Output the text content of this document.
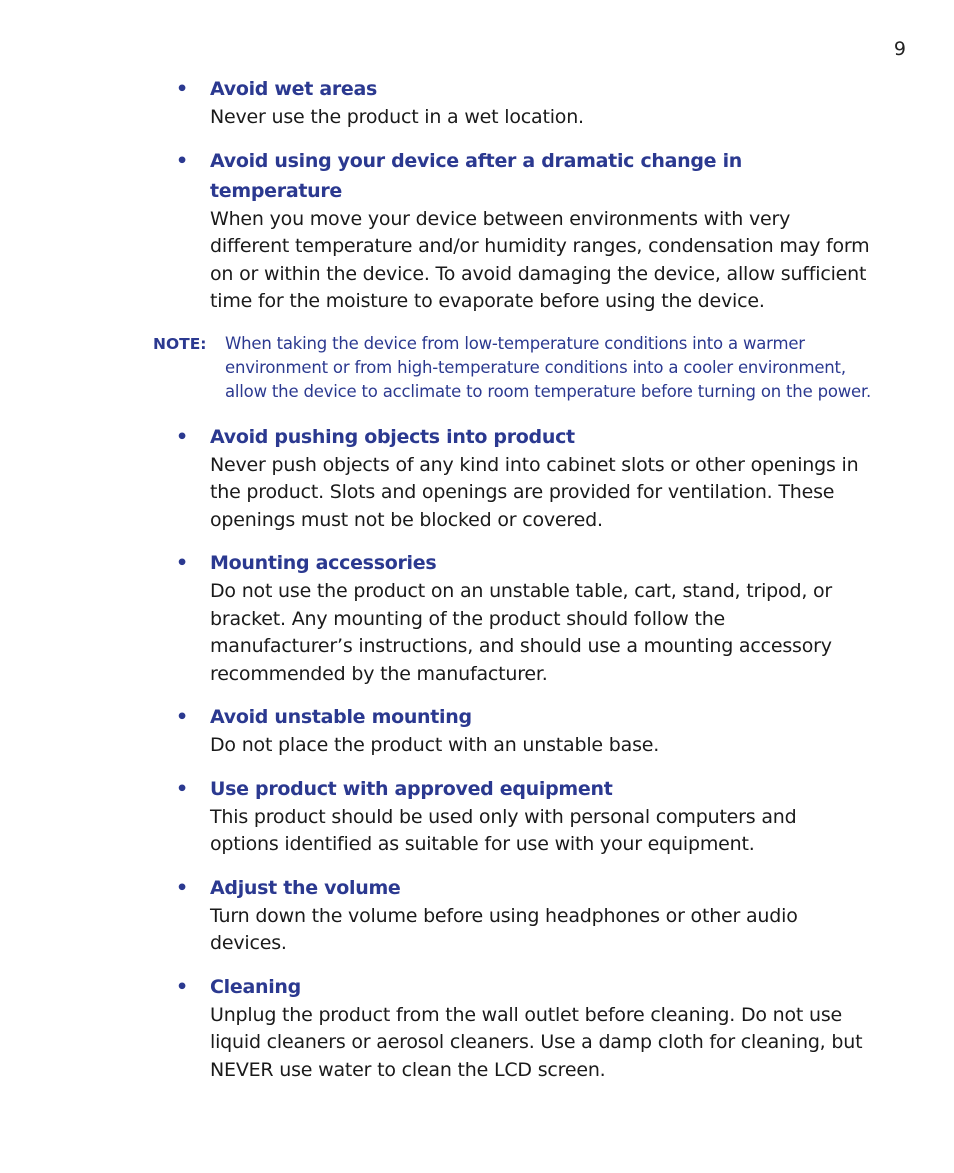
9
• Avoid wet areas
Never use the product in a wet location.
• Avoid using your device after a dramatic change in temperature
When you move your device between environments with very different temperature and/or humidity ranges, condensation may form on or within the device. To avoid damaging the device, allow sufficient time for the moisture to evaporate before using the device.
NOTE: When taking the device from low-temperature conditions into a warmer environment or from high-temperature conditions into a cooler environment, allow the device to acclimate to room temperature before turning on the power.
• Avoid pushing objects into product
Never push objects of any kind into cabinet slots or other openings in the product. Slots and openings are provided for ventilation. These openings must not be blocked or covered.
• Mounting accessories
Do not use the product on an unstable table, cart, stand, tripod, or bracket. Any mounting of the product should follow the manufacturer’s instructions, and should use a mounting accessory recommended by the manufacturer.
• Avoid unstable mounting
Do not place the product with an unstable base.
• Use product with approved equipment
This product should be used only with personal computers and options identified as suitable for use with your equipment.
• Adjust the volume
Turn down the volume before using headphones or other audio devices.
• Cleaning
Unplug the product from the wall outlet before cleaning. Do not use liquid cleaners or aerosol cleaners. Use a damp cloth for cleaning, but NEVER use water to clean the LCD screen.
